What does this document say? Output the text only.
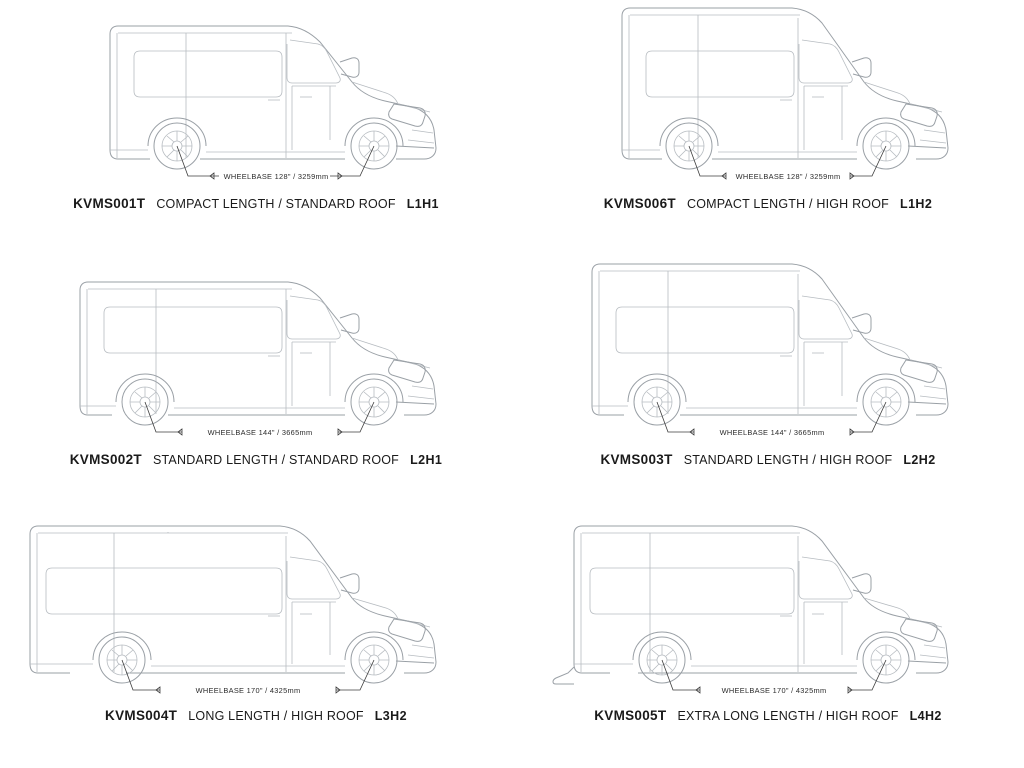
WHEELBASE 128" / 3259mm
KVMS001T COMPACT LENGTH / STANDARD ROOF L1H1
WHEELBASE 128" / 3259mm
KVMS006T COMPACT LENGTH / HIGH ROOF L1H2
WHEELBASE 144" / 3665mm
KVMS002T STANDARD LENGTH / STANDARD ROOF L2H1
WHEELBASE 144" / 3665mm
KVMS003T STANDARD LENGTH / HIGH ROOF L2H2
WHEELBASE 170" / 4325mm
KVMS004T LONG LENGTH / HIGH ROOF L3H2
WHEELBASE 170" / 4325mm
KVMS005T EXTRA LONG LENGTH / HIGH ROOF L4H2
